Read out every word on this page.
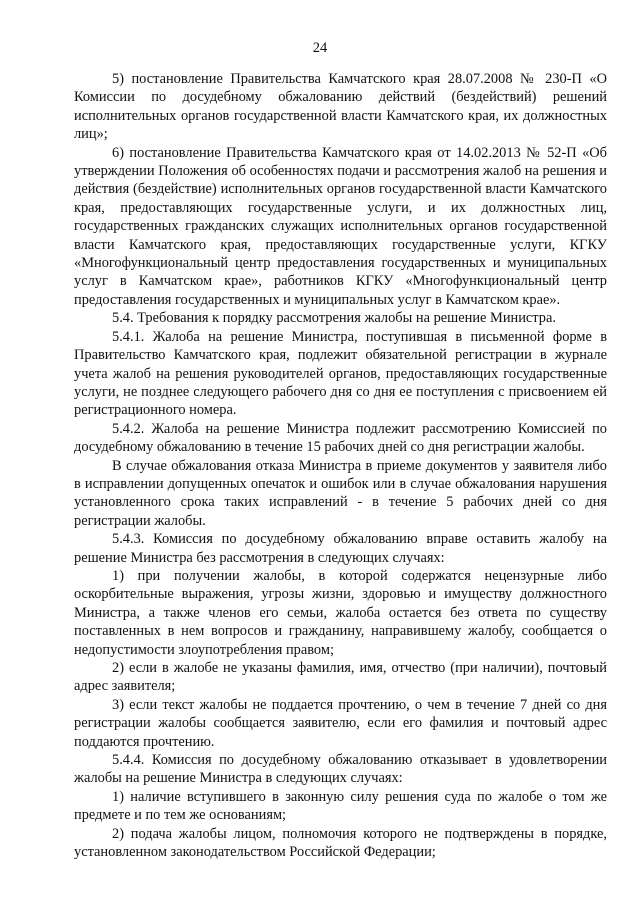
24

5) постановление Правительства Камчатского края 28.07.2008 № 230-П «О Комиссии по досудебному обжалованию действий (бездействий) решений исполнительных органов государственной власти Камчатского края, их должностных лиц»;

6) постановление Правительства Камчатского края от 14.02.2013 № 52-П «Об утверждении Положения об особенностях подачи и рассмотрения жалоб на решения и действия (бездействие) исполнительных органов государственной власти Камчатского края, предоставляющих государственные услуги, и их должностных лиц, государственных гражданских служащих исполнительных органов государственной власти Камчатского края, предоставляющих государственные услуги, КГКУ «Многофункциональный центр предоставления государственных и муниципальных услуг в Камчатском крае», работников КГКУ «Многофункциональный центр предоставления государственных и муниципальных услуг в Камчатском крае».

5.4. Требования к порядку рассмотрения жалобы на решение Министра.

5.4.1. Жалоба на решение Министра, поступившая в письменной форме в Правительство Камчатского края, подлежит обязательной регистрации в журнале учета жалоб на решения руководителей органов, предоставляющих государственные услуги, не позднее следующего рабочего дня со дня ее поступления с присвоением ей регистрационного номера.

5.4.2. Жалоба на решение Министра подлежит рассмотрению Комиссией по досудебному обжалованию в течение 15 рабочих дней со дня регистрации жалобы.

В случае обжалования отказа Министра в приеме документов у заявителя либо в исправлении допущенных опечаток и ошибок или в случае обжалования нарушения установленного срока таких исправлений - в течение 5 рабочих дней со дня регистрации жалобы.

5.4.3. Комиссия по досудебному обжалованию вправе оставить жалобу на решение Министра без рассмотрения в следующих случаях:

1) при получении жалобы, в которой содержатся нецензурные либо оскорбительные выражения, угрозы жизни, здоровью и имуществу должностного Министра, а также членов его семьи, жалоба остается без ответа по существу поставленных в нем вопросов и гражданину, направившему жалобу, сообщается о недопустимости злоупотребления правом;

2) если в жалобе не указаны фамилия, имя, отчество (при наличии), почтовый адрес заявителя;

3) если текст жалобы не поддается прочтению, о чем в течение 7 дней со дня регистрации жалобы сообщается заявителю, если его фамилия и почтовый адрес поддаются прочтению.

5.4.4. Комиссия по досудебному обжалованию отказывает в удовлетворении жалобы на решение Министра в следующих случаях:

1) наличие вступившего в законную силу решения суда по жалобе о том же предмете и по тем же основаниям;

2) подача жалобы лицом, полномочия которого не подтверждены в порядке, установленном законодательством Российской Федерации;
